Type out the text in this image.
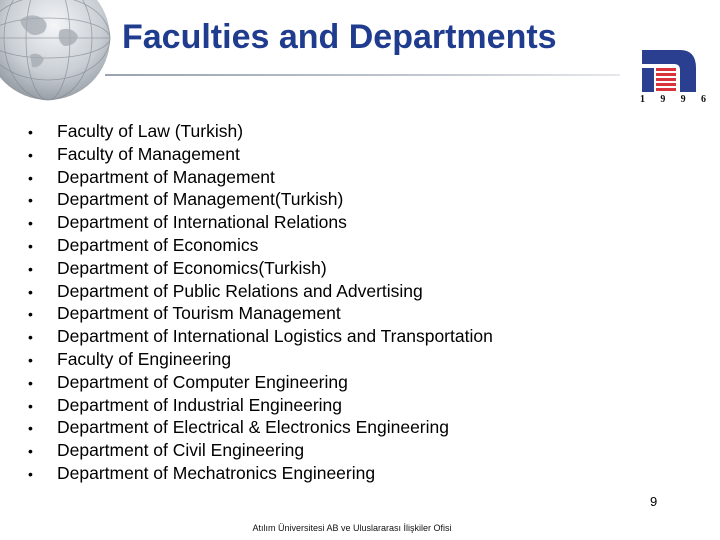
Faculties and Departments
1 9 9 6
•	Faculty of Law (Turkish)
•	Faculty of Management
•	Department of Management
•	Department of Management(Turkish)
•	Department of International Relations
•	Department of Economics
•	Department of Economics(Turkish)
•	Department of Public Relations and Advertising
•	Department of Tourism Management
•	Department of International Logistics and Transportation
•	Faculty of Engineering
•	Department of Computer Engineering
•	Department of Industrial Engineering
•	Department of Electrical & Electronics Engineering
•	Department of Civil Engineering
•	Department of Mechatronics Engineering
9
Atılım Üniversitesi AB ve Uluslararası İlişkiler Ofisi
